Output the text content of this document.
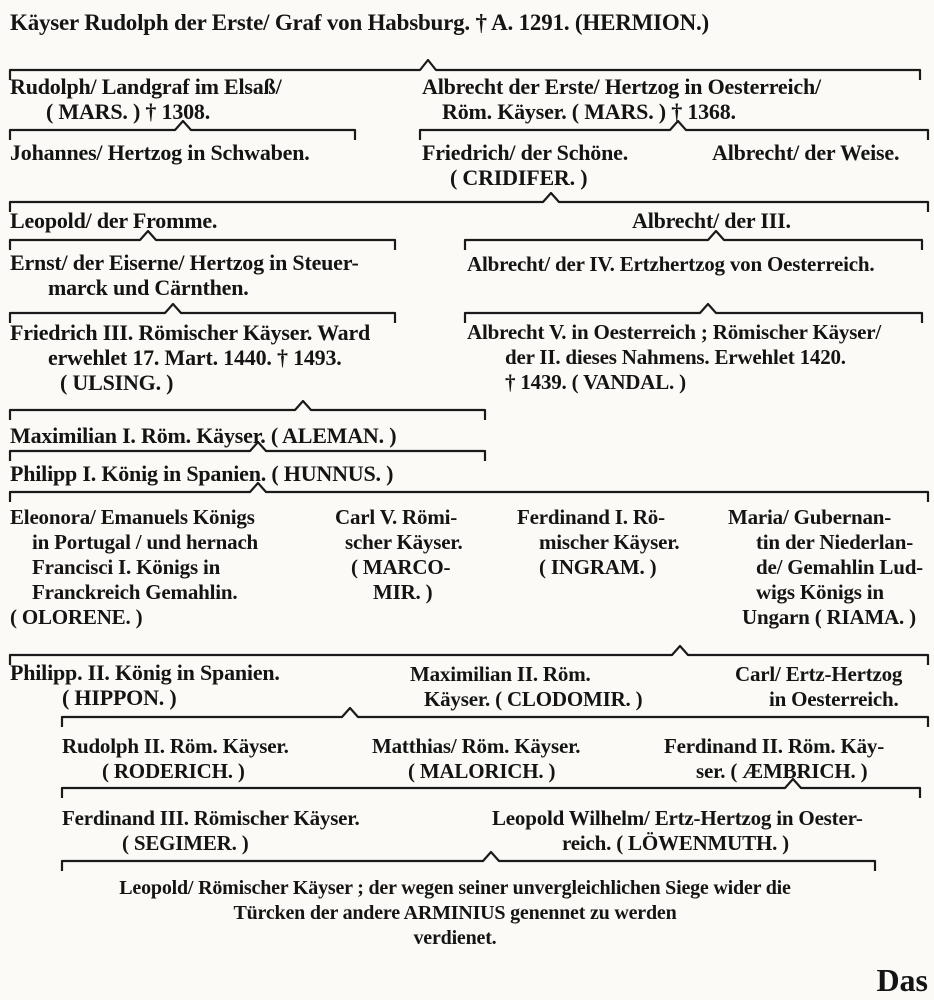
Käyser Rudolph der Erste/ Graf von Habsburg. † A. 1291. (HERMION.)
Rudolph/ Landgraf im Elsaß/
( MARS. ) † 1308.
Albrecht der Erste/ Hertzog in Oesterreich/
Röm. Käyser. ( MARS. ) † 1368.
Johannes/ Hertzog in Schwaben.	Friedrich/ der Schöne.
( CRIDIFER. )
Albrecht/ der Weise.
Leopold/ der Fromme.	Albrecht/ der III.
Ernst/ der Eiserne/ Hertzog in Steuer-
marck und Cärnthen.
Albrecht/ der IV. Ertzhertzog von Oesterreich.
Friedrich III. Römischer Käyser. Ward
erwehlet 17. Mart. 1440. † 1493.
( ULSING. )
Albrecht V. in Oesterreich ; Römischer Käyser/
der II. dieses Nahmens. Erwehlet 1420.
† 1439. ( VANDAL. )
Maximilian I. Röm. Käyser. ( ALEMAN. )
Philipp I. König in Spanien. ( HUNNUS. )
Eleonora/ Emanuels Königs
in Portugal / und hernach
Francisci I. Königs in
Franckreich Gemahlin.
( OLORENE. )
Carl V. Römi-
scher Käyser.
( MARCO-
MIR. )
Ferdinand I. Rö-
mischer Käyser.
( INGRAM. )
Maria/ Gubernan-
tin der Niederlan-
de/ Gemahlin Lud-
wigs Königs in
Ungarn ( RIAMA. )
Philipp. II. König in Spanien.
( HIPPON. )
Maximilian II. Röm.
Käyser. ( CLODOMIR. )
Carl/ Ertz-Hertzog
in Oesterreich.
Rudolph II. Röm. Käyser.
( RODERICH. )
Matthias/ Röm. Käyser.
( MALORICH. )
Ferdinand II. Röm. Käy-
ser. ( ÆMBRICH. )
Ferdinand III. Römischer Käyser.
( SEGIMER. )
Leopold Wilhelm/ Ertz-Hertzog in Oester-
reich. ( LÖWENMUTH. )
Leopold/ Römischer Käyser ; der wegen seiner unvergleichlichen Siege wider die
Türcken der andere ARMINIUS genennet zu werden
verdienet.
Das
